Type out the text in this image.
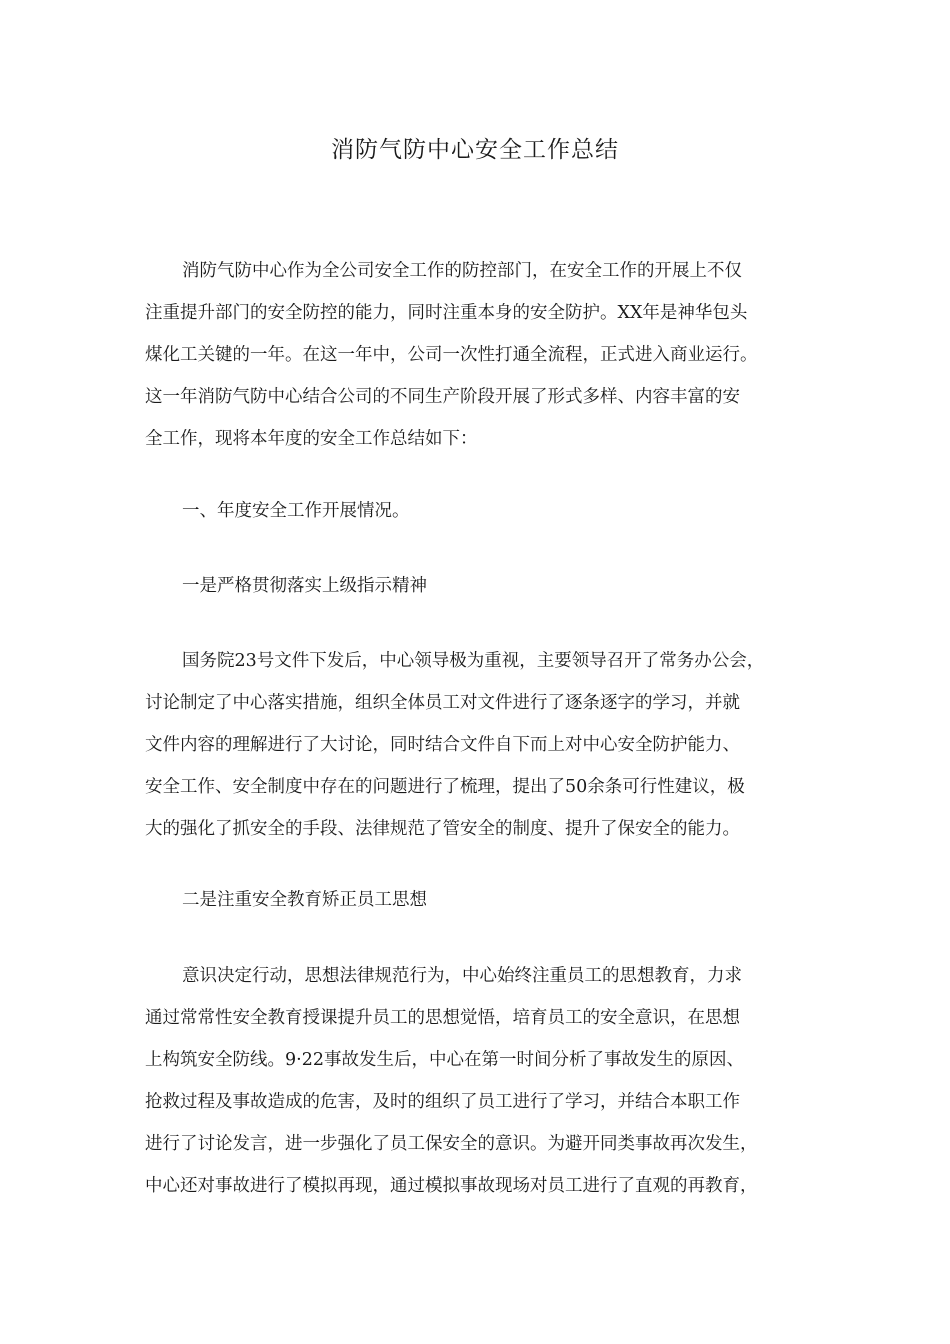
消防气防中心安全工作总结
消防气防中心作为全公司安全工作的防控部门，在安全工作的开展上不仅
注重提升部门的安全防控的能力，同时注重本身的安全防护。XX年是神华包头
煤化工关键的一年。在这一年中，公司一次性打通全流程，正式进入商业运行。
这一年消防气防中心结合公司的不同生产阶段开展了形式多样、内容丰富的安
全工作，现将本年度的安全工作总结如下：
一、年度安全工作开展情况。
一是严格贯彻落实上级指示精神
国务院23号文件下发后，中心领导极为重视，主要领导召开了常务办公会，
讨论制定了中心落实措施，组织全体员工对文件进行了逐条逐字的学习，并就
文件内容的理解进行了大讨论，同时结合文件自下而上对中心安全防护能力、
安全工作、安全制度中存在的问题进行了梳理，提出了50余条可行性建议，极
大的强化了抓安全的手段、法律规范了管安全的制度、提升了保安全的能力。
二是注重安全教育矫正员工思想
意识决定行动，思想法律规范行为，中心始终注重员工的思想教育，力求
通过常常性安全教育授课提升员工的思想觉悟，培育员工的安全意识，在思想
上构筑安全防线。9·22事故发生后，中心在第一时间分析了事故发生的原因、
抢救过程及事故造成的危害，及时的组织了员工进行了学习，并结合本职工作
进行了讨论发言，进一步强化了员工保安全的意识。为避开同类事故再次发生，
中心还对事故进行了模拟再现，通过模拟事故现场对员工进行了直观的再教育，
